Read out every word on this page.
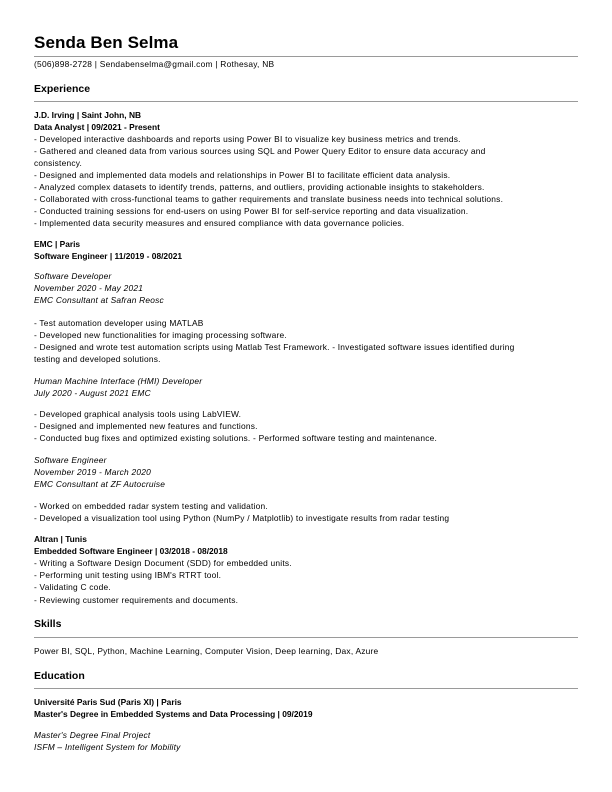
Senda Ben Selma
(506)898-2728 | Sendabenselma@gmail.com | Rothesay, NB
Experience
J.D. Irving | Saint John, NB
Data Analyst | 09/2021 - Present
- Developed interactive dashboards and reports using Power BI to visualize key business metrics and trends.
- Gathered and cleaned data from various sources using SQL and Power Query Editor to ensure data accuracy and
consistency.
- Designed and implemented data models and relationships in Power BI to facilitate efficient data analysis.
- Analyzed complex datasets to identify trends, patterns, and outliers, providing actionable insights to stakeholders.
- Collaborated with cross-functional teams to gather requirements and translate business needs into technical solutions.
- Conducted training sessions for end-users on using Power BI for self-service reporting and data visualization.
- Implemented data security measures and ensured compliance with data governance policies.
EMC | Paris
Software Engineer | 11/2019 - 08/2021
Software Developer
November 2020 - May 2021
EMC Consultant at Safran Reosc
- Test automation developer using MATLAB
- Developed new functionalities for imaging processing software.
- Designed and wrote test automation scripts using Matlab Test Framework. - Investigated software issues identified during
testing and developed solutions.
Human Machine Interface (HMI) Developer
July 2020 - August 2021 EMC
- Developed graphical analysis tools using LabVIEW.
- Designed and implemented new features and functions.
- Conducted bug fixes and optimized existing solutions. - Performed software testing and maintenance.
Software Engineer
November 2019 - March 2020
EMC Consultant at ZF Autocruise
- Worked on embedded radar system testing and validation.
- Developed a visualization tool using Python (NumPy / Matplotlib) to investigate results from radar testing
Altran | Tunis
Embedded Software Engineer | 03/2018 - 08/2018
- Writing a Software Design Document (SDD) for embedded units.
- Performing unit testing using IBM's RTRT tool.
- Validating C code.
- Reviewing customer requirements and documents.
Skills
Power BI, SQL, Python, Machine Learning, Computer Vision, Deep learning, Dax, Azure
Education
Université Paris Sud (Paris XI) | Paris
Master's Degree in Embedded Systems and Data Processing | 09/2019
Master's Degree Final Project
ISFM – Intelligent System for Mobility
